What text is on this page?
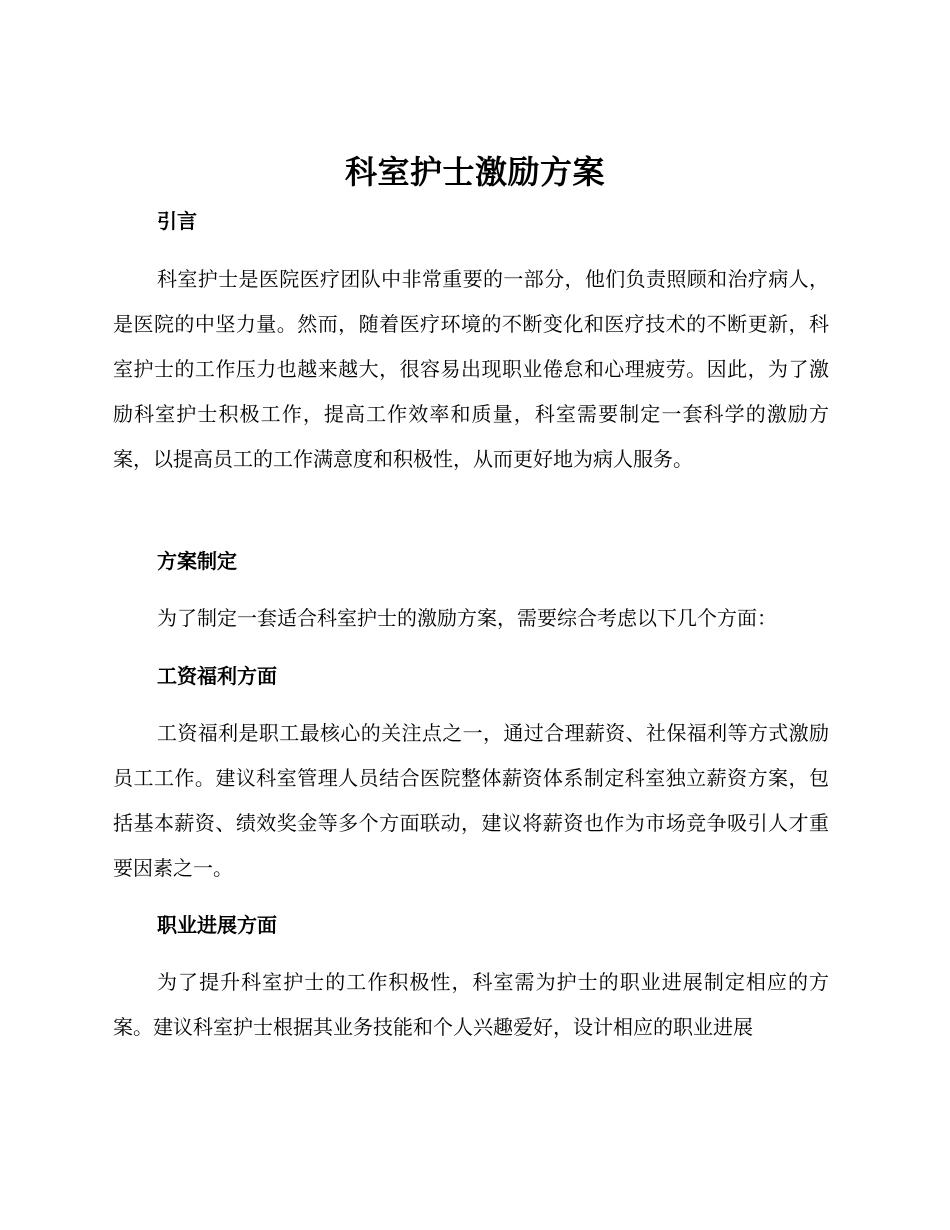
科室护士激励方案
引言

科室护士是医院医疗团队中非常重要的一部分，他们负责照顾和治疗病人，是医院的中坚力量。然而，随着医疗环境的不断变化和医疗技术的不断更新，科室护士的工作压力也越来越大，很容易出现职业倦怠和心理疲劳。因此，为了激励科室护士积极工作，提高工作效率和质量，科室需要制定一套科学的激励方案，以提高员工的工作满意度和积极性，从而更好地为病人服务。

方案制定

为了制定一套适合科室护士的激励方案，需要综合考虑以下几个方面：

工资福利方面

工资福利是职工最核心的关注点之一，通过合理薪资、社保福利等方式激励员工工作。建议科室管理人员结合医院整体薪资体系制定科室独立薪资方案，包括基本薪资、绩效奖金等多个方面联动，建议将薪资也作为市场竞争吸引人才重要因素之一。

职业进展方面

为了提升科室护士的工作积极性，科室需为护士的职业进展制定相应的方案。建议科室护士根据其业务技能和个人兴趣爱好，设计相应的职业进展
